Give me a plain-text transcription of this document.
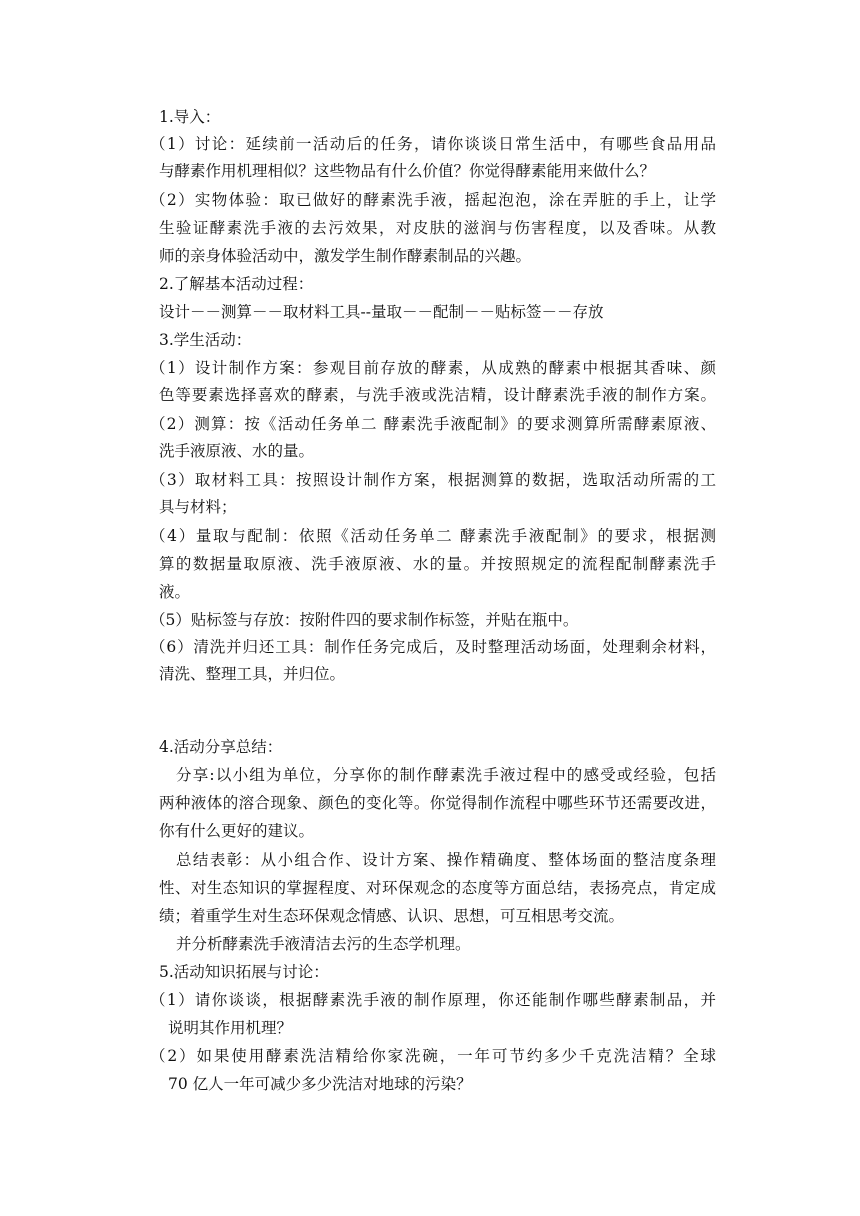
1.导入：
（1）讨论：延续前一活动后的任务，请你谈谈日常生活中，有哪些食品用品
与酵素作用机理相似？这些物品有什么价值？你觉得酵素能用来做什么？
（2）实物体验：取已做好的酵素洗手液，摇起泡泡，涂在弄脏的手上，让学
生验证酵素洗手液的去污效果，对皮肤的滋润与伤害程度，以及香味。从教
师的亲身体验活动中，激发学生制作酵素制品的兴趣。
2.了解基本活动过程：
设计－－测算－－取材料工具--量取－－配制－－贴标签－－存放
3.学生活动：
（1）设计制作方案：参观目前存放的酵素，从成熟的酵素中根据其香味、颜
色等要素选择喜欢的酵素，与洗手液或洗洁精，设计酵素洗手液的制作方案。
（2）测算：按《活动任务单二 酵素洗手液配制》的要求测算所需酵素原液、
洗手液原液、水的量。
（3）取材料工具：按照设计制作方案，根据测算的数据，选取活动所需的工
具与材料；
（4）量取与配制：依照《活动任务单二 酵素洗手液配制》的要求，根据测
算的数据量取原液、洗手液原液、水的量。并按照规定的流程配制酵素洗手
液。
（5）贴标签与存放：按附件四的要求制作标签，并贴在瓶中。
（6）清洗并归还工具：制作任务完成后，及时整理活动场面，处理剩余材料，
清洗、整理工具，并归位。
4.活动分享总结：
分享:以小组为单位，分享你的制作酵素洗手液过程中的感受或经验，包括
两种液体的溶合现象、颜色的变化等。你觉得制作流程中哪些环节还需要改进，
你有什么更好的建议。
总结表彰：从小组合作、设计方案、操作精确度、整体场面的整洁度条理
性、对生态知识的掌握程度、对环保观念的态度等方面总结，表扬亮点，肯定成
绩；着重学生对生态环保观念情感、认识、思想，可互相思考交流。
并分析酵素洗手液清洁去污的生态学机理。
5.活动知识拓展与讨论：
（1）请你谈谈，根据酵素洗手液的制作原理，你还能制作哪些酵素制品，并
说明其作用机理？
（2）如果使用酵素洗洁精给你家洗碗，一年可节约多少千克洗洁精？全球
70 亿人一年可减少多少洗洁对地球的污染？
